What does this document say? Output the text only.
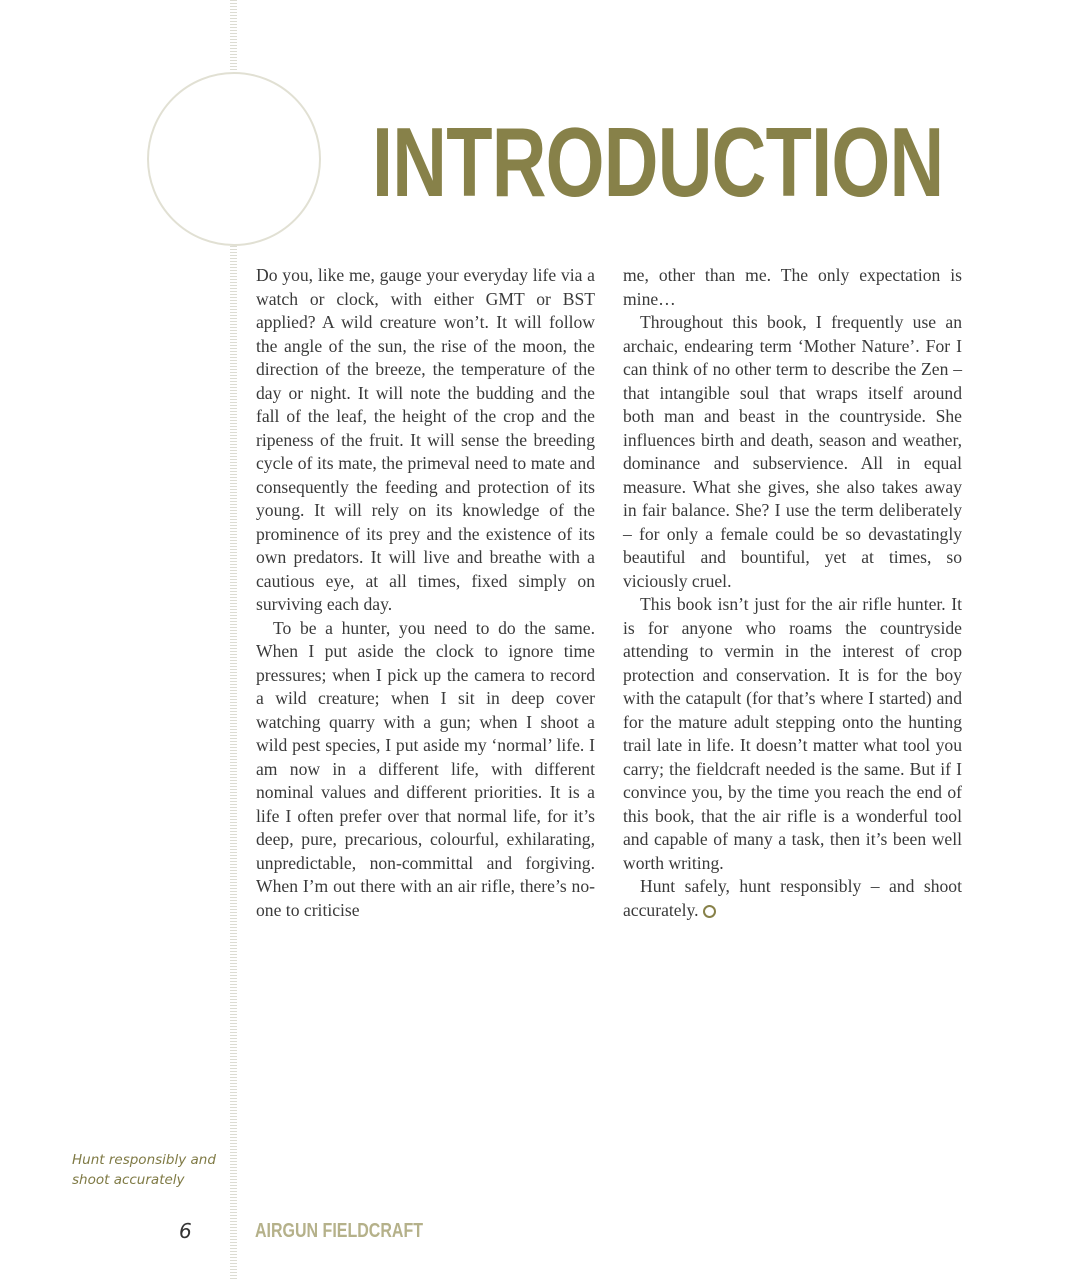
INTRODUCTION

Do you, like me, gauge your everyday life via a watch or clock, with either GMT or BST applied? A wild creature won’t. It will follow the angle of the sun, the rise of the moon, the direction of the breeze, the temperature of the day or night. It will note the budding and the fall of the leaf, the height of the crop and the ripeness of the fruit. It will sense the breeding cycle of its mate, the primeval need to mate and consequently the feeding and protection of its young. It will rely on its knowledge of the prominence of its prey and the existence of its own predators. It will live and breathe with a cautious eye, at all times, fixed simply on surviving each day.

To be a hunter, you need to do the same. When I put aside the clock to ignore time pressures; when I pick up the camera to record a wild creature; when I sit in deep cover watching quarry with a gun; when I shoot a wild pest species, I put aside my ‘normal’ life. I am now in a different life, with different nominal values and different priorities. It is a life I often prefer over that normal life, for it’s deep, pure, precarious, colourful, exhilarating, unpredictable, non-committal and forgiving. When I’m out there with an air rifle, there’s no-one to criticise

me, other than me. The only expectation is mine…

Throughout this book, I frequently use an archaic, endearing term ‘Mother Nature’. For I can think of no other term to describe the Zen – that intangible soul that wraps itself around both man and beast in the countryside. She influences birth and death, season and weather, dominance and subservience. All in equal measure. What she gives, she also takes away in fair balance. She? I use the term deliberately – for only a female could be so devastatingly beautiful and bountiful, yet at times, so viciously cruel.

This book isn’t just for the air rifle hunter. It is for anyone who roams the countryside attending to vermin in the interest of crop protection and conservation. It is for the boy with the catapult (for that’s where I started) and for the mature adult stepping onto the hunting trail late in life. It doesn’t matter what tool you carry; the fieldcraft needed is the same. But if I convince you, by the time you reach the end of this book, that the air rifle is a wonderful tool and capable of many a task, then it’s been well worth writing.

Hunt safely, hunt responsibly – and shoot accurately.

Hunt responsibly and
shoot accurately
6	AIRGUN FIELDCRAFT
